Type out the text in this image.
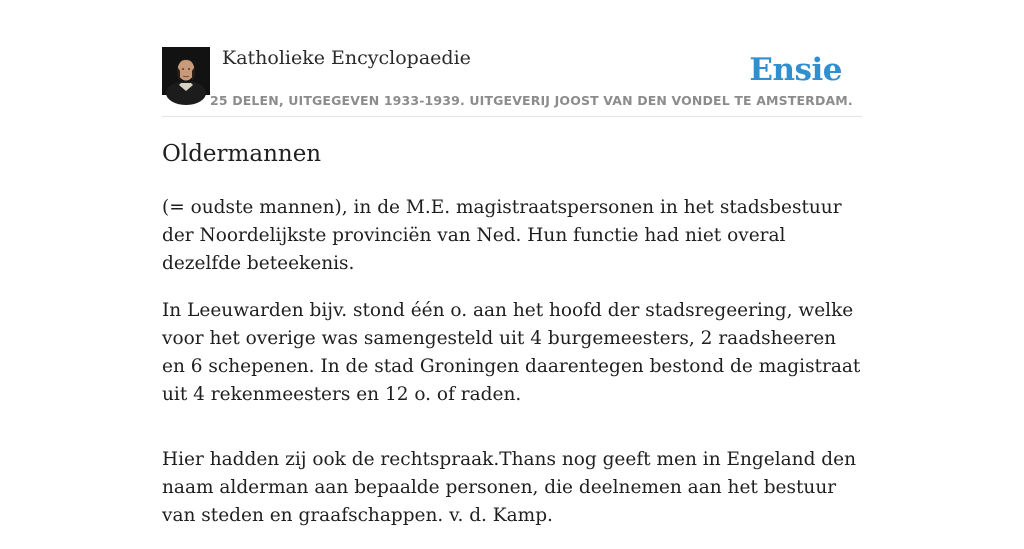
Katholieke Encyclopaedie
25 DELEN, UITGEGEVEN 1933-1939. UITGEVERIJ JOOST VAN DEN VONDEL TE AMSTERDAM.
Ensie
Oldermannen

(= oudste mannen), in de M.E. magistraatspersonen in het stadsbestuur der Noordelijkste provinciën van Ned. Hun functie had niet overal dezelfde beteekenis.

In Leeuwarden bijv. stond één o. aan het hoofd der stadsregeering, welke voor het overige was samengesteld uit 4 burgemeesters, 2 raadsheeren en 6 schepenen. In de stad Groningen daarentegen bestond de magistraat uit 4 rekenmeesters en 12 o. of raden.

Hier hadden zij ook de rechtspraak.Thans nog geeft men in Engeland den naam alderman aan bepaalde personen, die deelnemen aan het bestuur van steden en graafschappen. v. d. Kamp.
